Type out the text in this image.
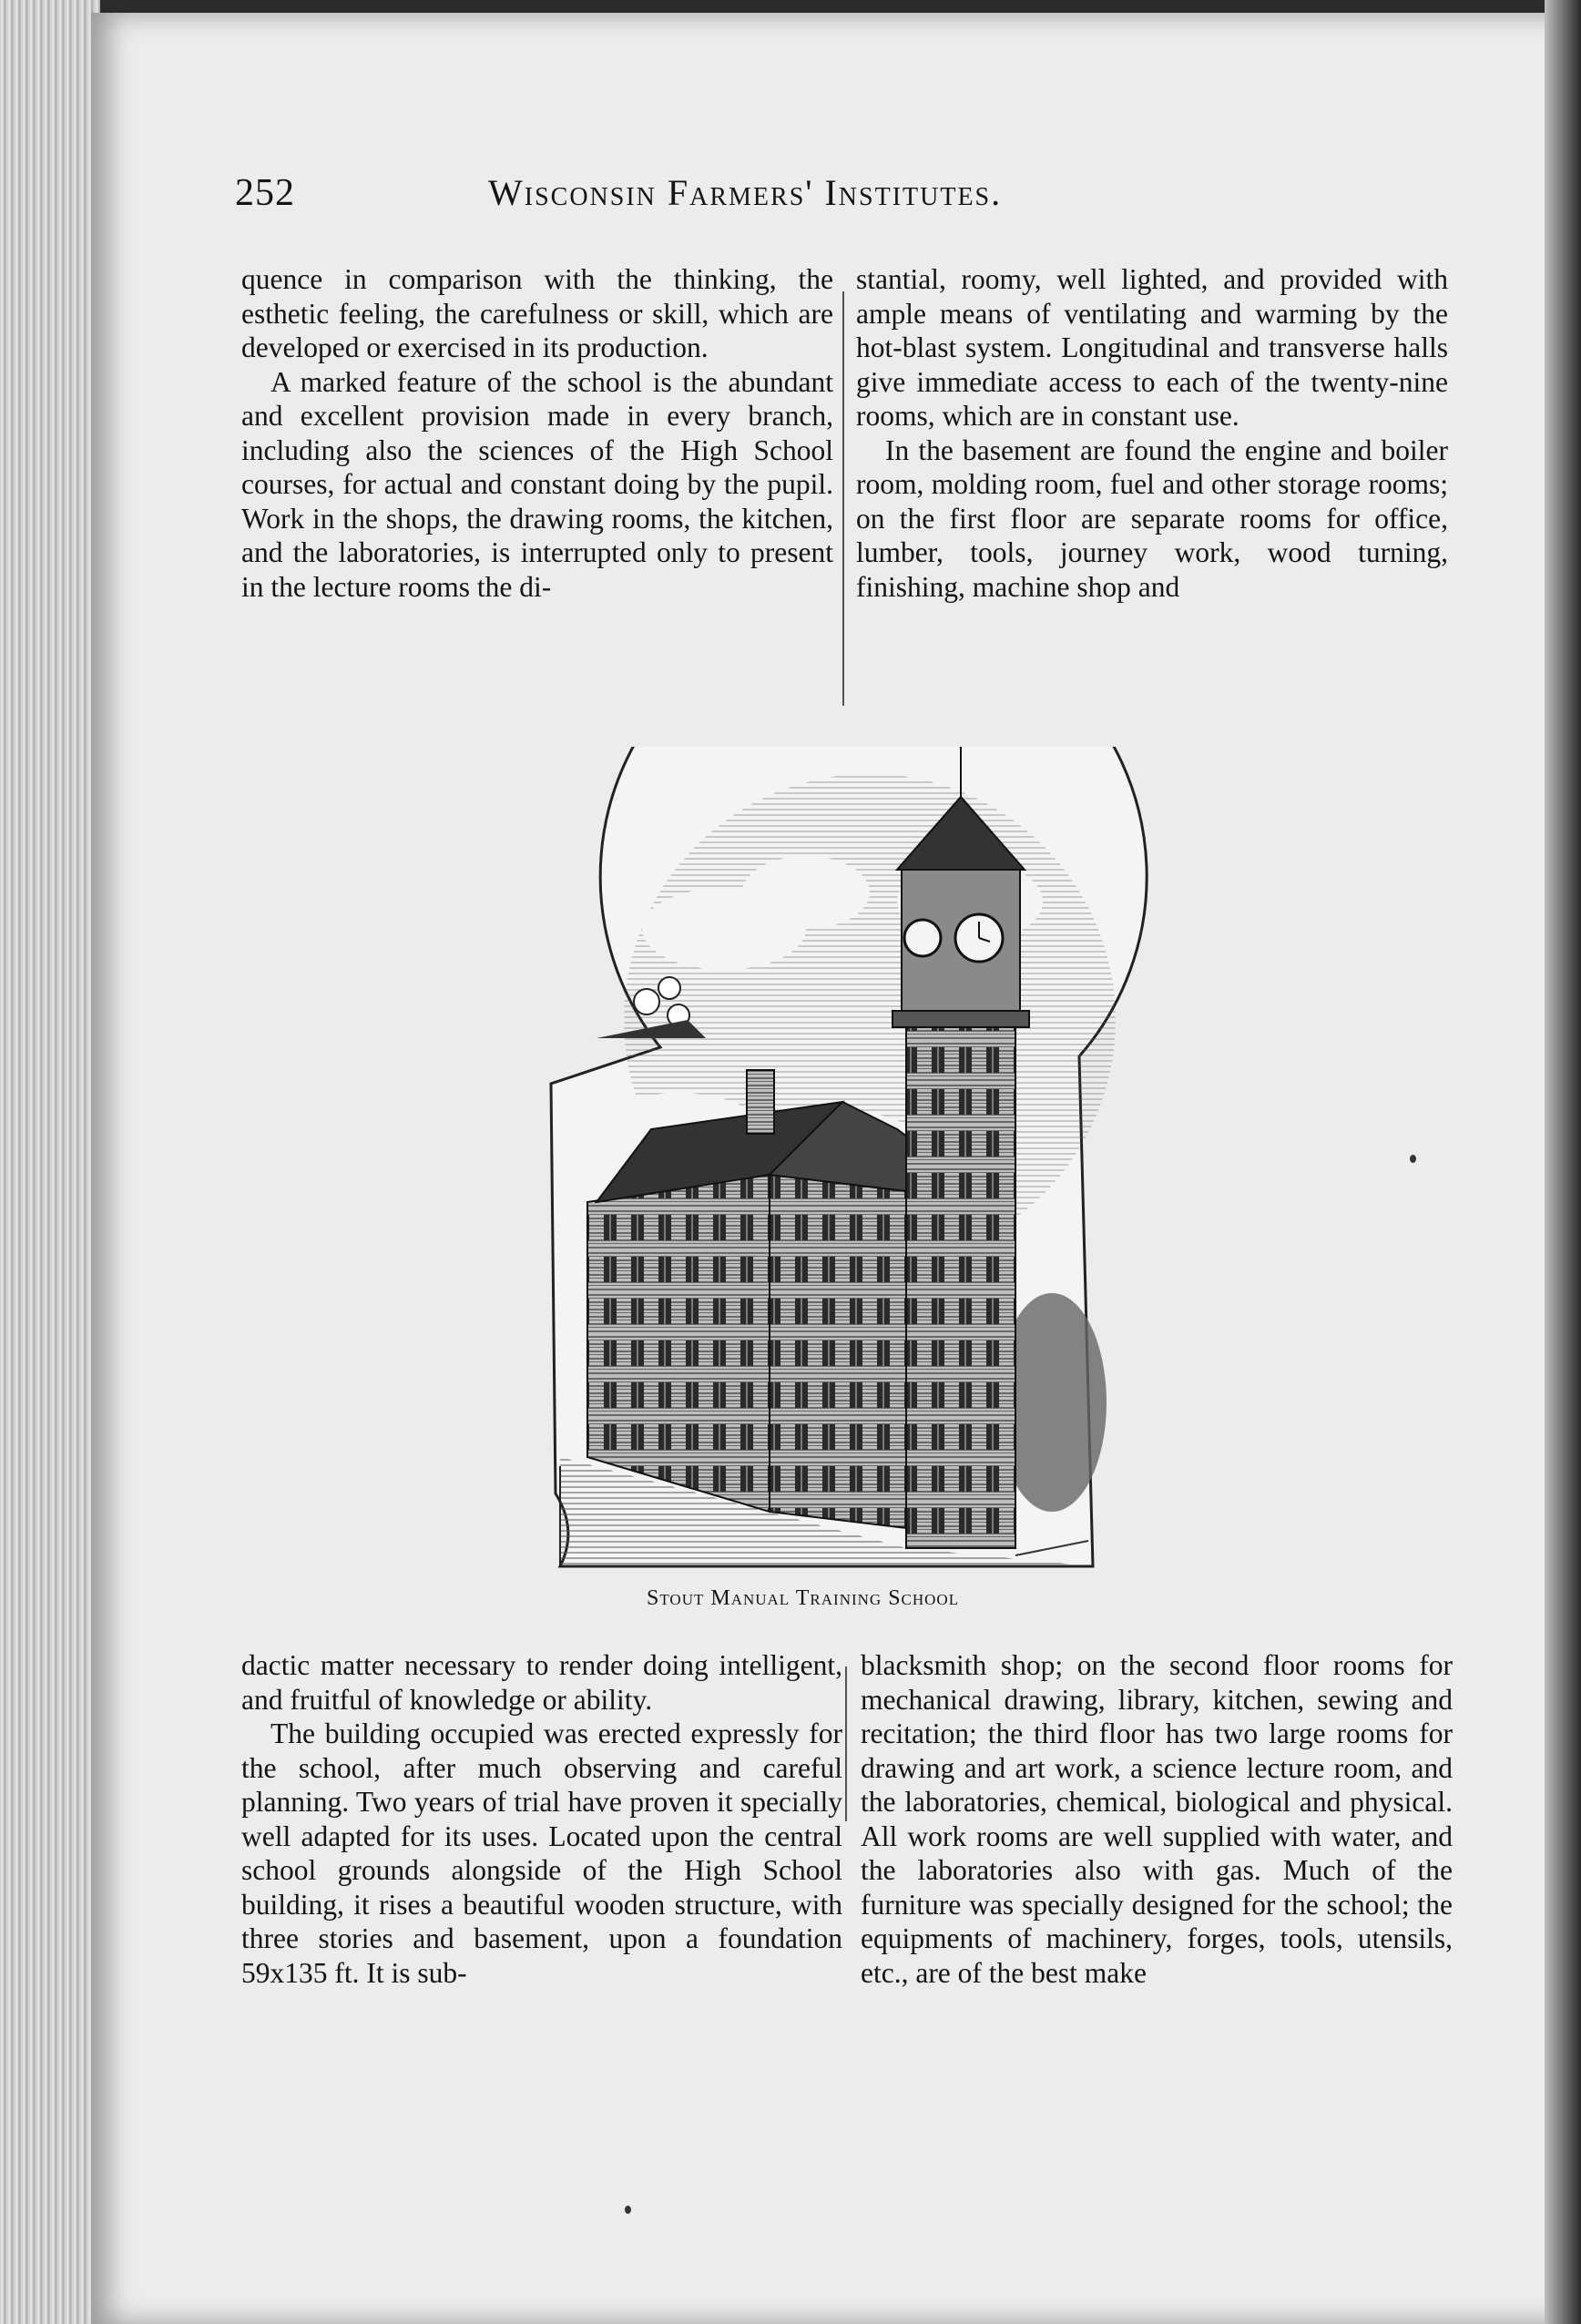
252	Wisconsin Farmers' Institutes.

quence in comparison with the thinking, the esthetic feeling, the carefulness or skill, which are developed or exercised in its production.

A marked feature of the school is the abundant and excellent provision made in every branch, including also the sciences of the High School courses, for actual and constant doing by the pupil. Work in the shops, the drawing rooms, the kitchen, and the laboratories, is interrupted only to present in the lecture rooms the di-

stantial, roomy, well lighted, and provided with ample means of ventilating and warming by the hot-blast system. Longitudinal and transverse halls give immediate access to each of the twenty-nine rooms, which are in constant use.

In the basement are found the engine and boiler room, molding room, fuel and other storage rooms; on the first floor are separate rooms for office, lumber, tools, journey work, wood turning, finishing, machine shop and

Stout Manual Training School

dactic matter necessary to render doing intelligent, and fruitful of knowledge or ability.

The building occupied was erected expressly for the school, after much observing and careful planning. Two years of trial have proven it specially well adapted for its uses. Located upon the central school grounds alongside of the High School building, it rises a beautiful wooden structure, with three stories and basement, upon a foundation 59x135 ft. It is sub-

blacksmith shop; on the second floor rooms for mechanical drawing, library, kitchen, sewing and recitation; the third floor has two large rooms for drawing and art work, a science lecture room, and the laboratories, chemical, biological and physical. All work rooms are well supplied with water, and the laboratories also with gas. Much of the furniture was specially designed for the school; the equipments of machinery, forges, tools, utensils, etc., are of the best make
